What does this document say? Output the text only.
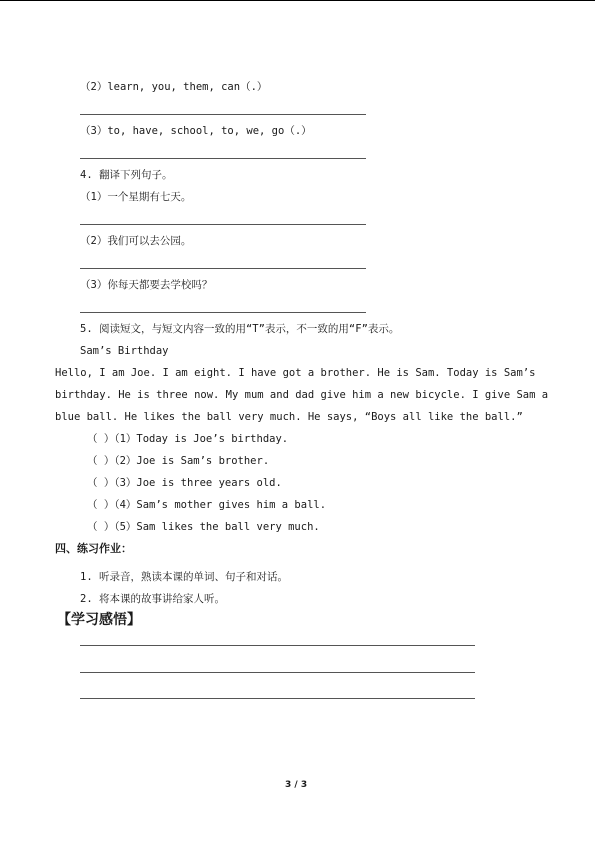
（2）learn, you, them, can（.）
（3）to, have, school, to, we, go（.）
4. 翻译下列句子。
（1）一个星期有七天。
（2）我们可以去公园。
（3）你每天都要去学校吗？
5. 阅读短文，与短文内容一致的用“T”表示，不一致的用“F”表示。
Sam’s Birthday
Hello, I am Joe. I am eight. I have got a brother. He is Sam. Today is Sam’s
birthday. He is three now. My mum and dad give him a new bicycle. I give Sam a
blue ball. He likes the ball very much. He says, “Boys all like the ball.”
（ ）（1）Today is Joe’s birthday.
（ ）（2）Joe is Sam’s brother.
（ ）（3）Joe is three years old.
（ ）（4）Sam’s mother gives him a ball.
（ ）（5）Sam likes the ball very much.
四、练习作业：
1. 听录音，熟读本课的单词、句子和对话。
2. 将本课的故事讲给家人听。
【学习感悟】
3 / 3
